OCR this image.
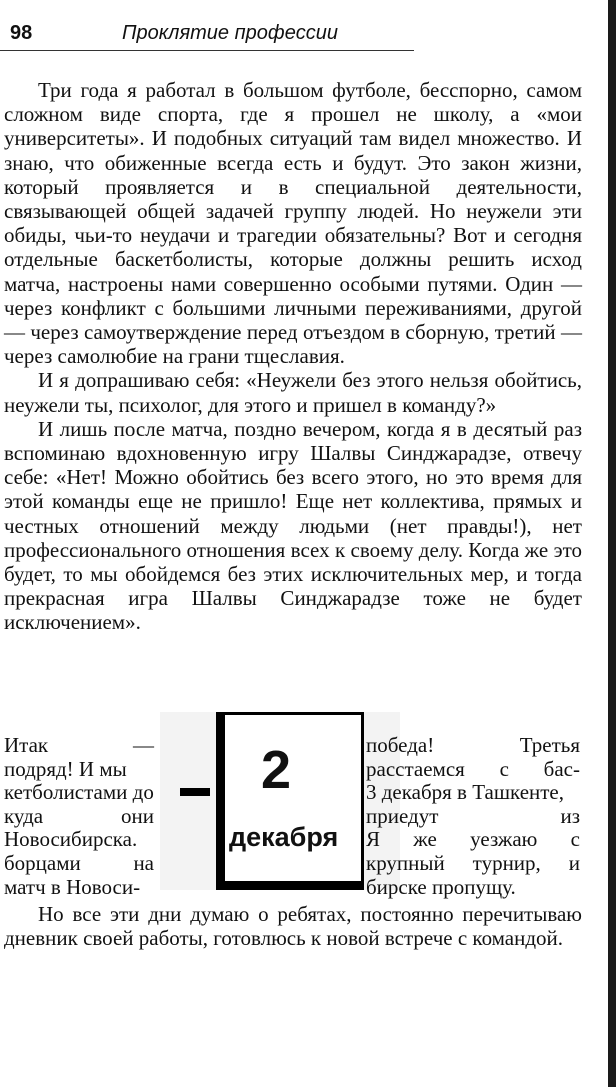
98	Проклятие профессии

Три года я работал в большом футболе, бесспорно, самом сложном виде спорта, где я прошел не школу, а «мои университеты». И подобных ситуаций там видел множество. И знаю, что обиженные всегда есть и будут. Это закон жизни, который проявляется и в специальной деятельности, связывающей общей задачей группу людей. Но неужели эти обиды, чьи-то неудачи и трагедии обязательны? Вот и сегодня отдельные баскетболисты, которые должны решить исход матча, настроены нами совершенно особыми путями. Один — через конфликт с большими личными переживаниями, другой — через самоутверждение перед отъездом в сборную, третий — через самолюбие на грани тщеславия.

И я допрашиваю себя: «Неужели без этого нельзя обойтись, неужели ты, психолог, для этого и пришел в команду?»

И лишь после матча, поздно вечером, когда я в десятый раз вспоминаю вдохновенную игру Шалвы Синджарадзе, отвечу себе: «Нет! Можно обойтись без всего этого, но это время для этой команды еще не пришло! Еще нет коллектива, прямых и честных отношений между людьми (нет правды!), нет профессионального отношения всех к своему делу. Когда же это будет, то мы обойдемся без этих исключительных мер, и тогда прекрасная игра Шалвы Синджарадзе тоже не будет исключением».

Итак	—
подряд! И мы
кетболистами до
куда	они
Новосибирска.
борцами	на
матч в Новоси-
2
декабря
победа!	Третья
расстаемся с бас-
3 декабря в Ташкенте,
приедут	из
Я же уезжаю с
крупный турнир, и
бирске пропущу.

Но все эти дни думаю о ребятах, постоянно перечитываю дневник своей работы, готовлюсь к новой встрече с командой.
